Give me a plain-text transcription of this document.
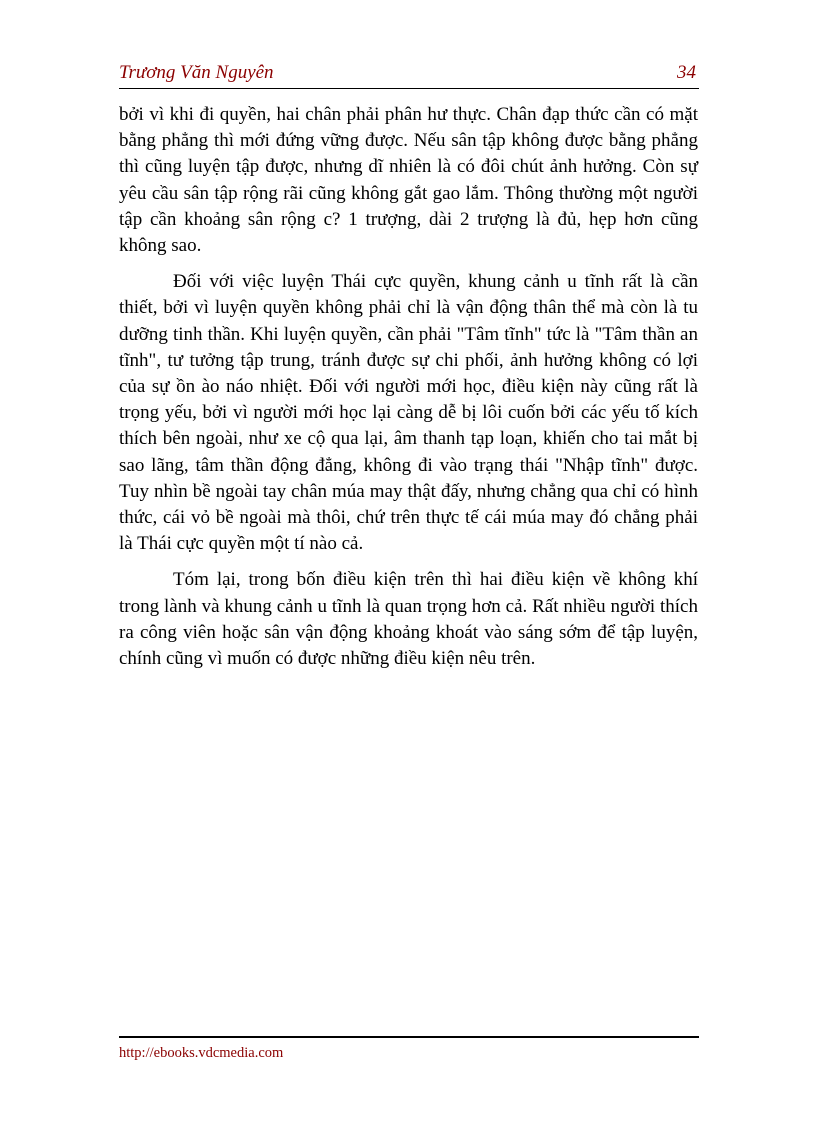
Trương Văn Nguyên	34

bởi vì khi đi quyền, hai chân phải phân hư thực. Chân đạp thức cần có mặt bằng phẳng thì mới đứng vững được. Nếu sân tập không được bằng phẳng thì cũng luyện tập được, nhưng dĩ nhiên là có đôi chút ảnh hưởng. Còn sự yêu cầu sân tập rộng rãi cũng không gắt gao lắm. Thông thường một người tập cần khoảng sân rộng c? 1 trượng, dài 2 trượng là đủ, hẹp hơn cũng không sao.

Đối với việc luyện Thái cực quyền, khung cảnh u tĩnh rất là cần thiết, bởi vì luyện quyền không phải chỉ là vận động thân thể mà còn là tu dưỡng tinh thần. Khi luyện quyền, cần phải "Tâm tĩnh" tức là "Tâm thần an tĩnh", tư tưởng tập trung, tránh được sự chi phối, ảnh hưởng không có lợi của sự ồn ào náo nhiệt. Đối với người mới học, điều kiện này cũng rất là trọng yếu, bởi vì người mới học lại càng dễ bị lôi cuốn bởi các yếu tố kích thích bên ngoài, như xe cộ qua lại, âm thanh tạp loạn, khiến cho tai mắt bị sao lãng, tâm thần động đẳng, không đi vào trạng thái "Nhập tĩnh" được. Tuy nhìn bề ngoài tay chân múa may thật đấy, nhưng chẳng qua chỉ có hình thức, cái vỏ bề ngoài mà thôi, chứ trên thực tế cái múa may đó chẳng phải là Thái cực quyền một tí nào cả.

Tóm lại, trong bốn điều kiện trên thì hai điều kiện về không khí trong lành và khung cảnh u tĩnh là quan trọng hơn cả. Rất nhiều người thích ra công viên hoặc sân vận động khoảng khoát vào sáng sớm để tập luyện, chính cũng vì muốn có được những điều kiện nêu trên.

http://ebooks.vdcmedia.com
